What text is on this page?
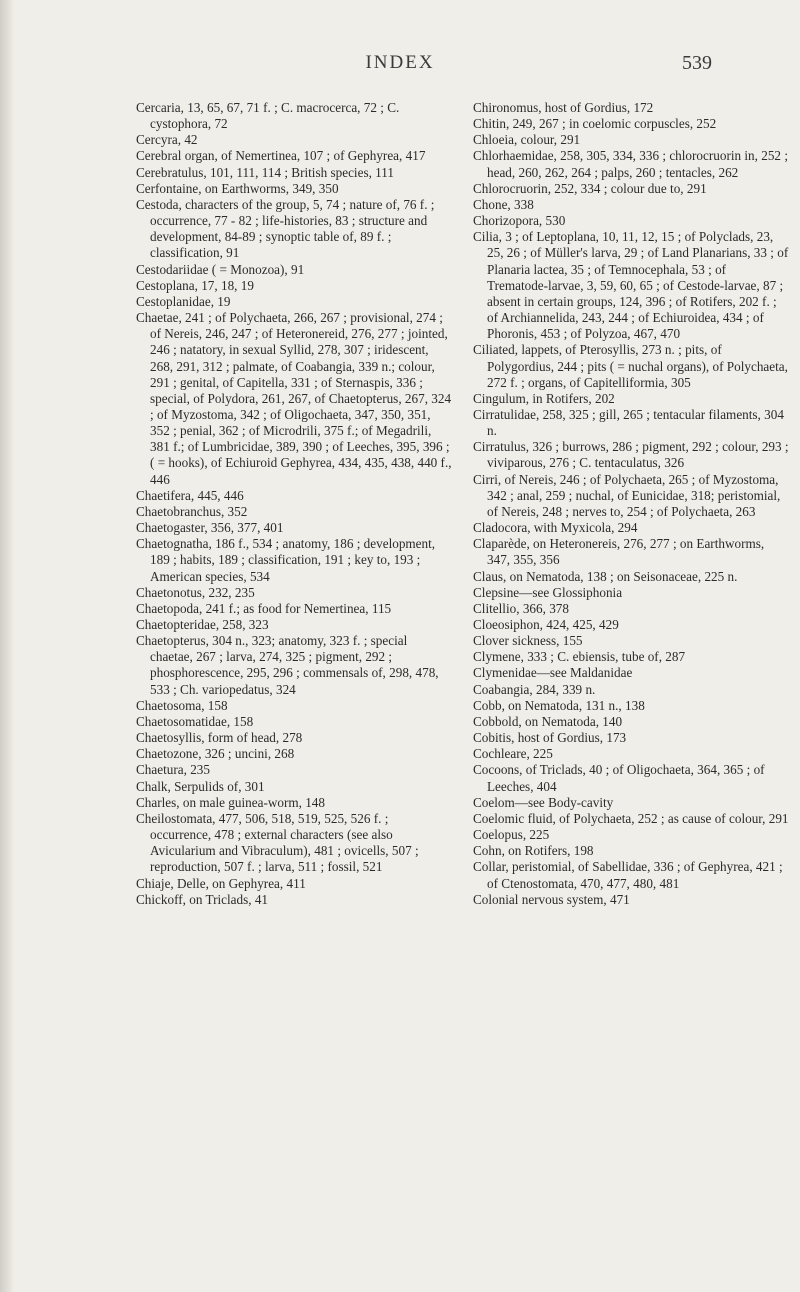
INDEX	539

Cercaria, 13, 65, 67, 71 f. ; C. macrocerca, 72 ; C. cystophora, 72

Cercyra, 42

Cerebral organ, of Nemertinea, 107 ; of Gephyrea, 417

Cerebratulus, 101, 111, 114 ; British species, 111

Cerfontaine, on Earthworms, 349, 350

Cestoda, characters of the group, 5, 74 ; nature of, 76 f. ; occurrence, 77 - 82 ; life-histories, 83 ; structure and development, 84-89 ; synoptic table of, 89 f. ; classification, 91

Cestodariidae ( = Monozoa), 91

Cestoplana, 17, 18, 19

Cestoplanidae, 19

Chaetae, 241 ; of Polychaeta, 266, 267 ; provisional, 274 ; of Nereis, 246, 247 ; of Heteronereid, 276, 277 ; jointed, 246 ; natatory, in sexual Syllid, 278, 307 ; iridescent, 268, 291, 312 ; palmate, of Coabangia, 339 n.; colour, 291 ; genital, of Capitella, 331 ; of Sternaspis, 336 ; special, of Polydora, 261, 267, of Chaetopterus, 267, 324 ; of Myzostoma, 342 ; of Oligochaeta, 347, 350, 351, 352 ; penial, 362 ; of Microdrili, 375 f.; of Megadrili, 381 f.; of Lumbricidae, 389, 390 ; of Leeches, 395, 396 ; ( = hooks), of Echiuroid Gephyrea, 434, 435, 438, 440 f., 446

Chaetifera, 445, 446

Chaetobranchus, 352

Chaetogaster, 356, 377, 401

Chaetognatha, 186 f., 534 ; anatomy, 186 ; development, 189 ; habits, 189 ; classification, 191 ; key to, 193 ; American species, 534

Chaetonotus, 232, 235

Chaetopoda, 241 f.; as food for Nemertinea, 115

Chaetopteridae, 258, 323

Chaetopterus, 304 n., 323; anatomy, 323 f. ; special chaetae, 267 ; larva, 274, 325 ; pigment, 292 ; phosphorescence, 295, 296 ; commensals of, 298, 478, 533 ; Ch. variopedatus, 324

Chaetosoma, 158

Chaetosomatidae, 158

Chaetosyllis, form of head, 278

Chaetozone, 326 ; uncini, 268

Chaetura, 235

Chalk, Serpulids of, 301

Charles, on male guinea-worm, 148

Cheilostomata, 477, 506, 518, 519, 525, 526 f. ; occurrence, 478 ; external characters (see also Avicularium and Vibraculum), 481 ; ovicells, 507 ; reproduction, 507 f. ; larva, 511 ; fossil, 521

Chiaje, Delle, on Gephyrea, 411

Chickoff, on Triclads, 41

Chironomus, host of Gordius, 172

Chitin, 249, 267 ; in coelomic corpuscles, 252

Chloeia, colour, 291

Chlorhaemidae, 258, 305, 334, 336 ; chlorocruorin in, 252 ; head, 260, 262, 264 ; palps, 260 ; tentacles, 262

Chlorocruorin, 252, 334 ; colour due to, 291

Chone, 338

Chorizopora, 530

Cilia, 3 ; of Leptoplana, 10, 11, 12, 15 ; of Polyclads, 23, 25, 26 ; of Müller's larva, 29 ; of Land Planarians, 33 ; of Planaria lactea, 35 ; of Temnocephala, 53 ; of Trematode-larvae, 3, 59, 60, 65 ; of Cestode-larvae, 87 ; absent in certain groups, 124, 396 ; of Rotifers, 202 f. ; of Archiannelida, 243, 244 ; of Echiuroidea, 434 ; of Phoronis, 453 ; of Polyzoa, 467, 470

Ciliated, lappets, of Pterosyllis, 273 n. ; pits, of Polygordius, 244 ; pits ( = nuchal organs), of Polychaeta, 272 f. ; organs, of Capitelliformia, 305

Cingulum, in Rotifers, 202

Cirratulidae, 258, 325 ; gill, 265 ; tentacular filaments, 304 n.

Cirratulus, 326 ; burrows, 286 ; pigment, 292 ; colour, 293 ; viviparous, 276 ; C. tentaculatus, 326

Cirri, of Nereis, 246 ; of Polychaeta, 265 ; of Myzostoma, 342 ; anal, 259 ; nuchal, of Eunicidae, 318; peristomial, of Nereis, 248 ; nerves to, 254 ; of Polychaeta, 263

Cladocora, with Myxicola, 294

Claparède, on Heteronereis, 276, 277 ; on Earthworms, 347, 355, 356

Claus, on Nematoda, 138 ; on Seisonaceae, 225 n.

Clepsine—see Glossiphonia

Clitellio, 366, 378

Cloeosiphon, 424, 425, 429

Clover sickness, 155

Clymene, 333 ; C. ebiensis, tube of, 287

Clymenidae—see Maldanidae

Coabangia, 284, 339 n.

Cobb, on Nematoda, 131 n., 138

Cobbold, on Nematoda, 140

Cobitis, host of Gordius, 173

Cochleare, 225

Cocoons, of Triclads, 40 ; of Oligochaeta, 364, 365 ; of Leeches, 404

Coelom—see Body-cavity

Coelomic fluid, of Polychaeta, 252 ; as cause of colour, 291

Coelopus, 225

Cohn, on Rotifers, 198

Collar, peristomial, of Sabellidae, 336 ; of Gephyrea, 421 ; of Ctenostomata, 470, 477, 480, 481

Colonial nervous system, 471
